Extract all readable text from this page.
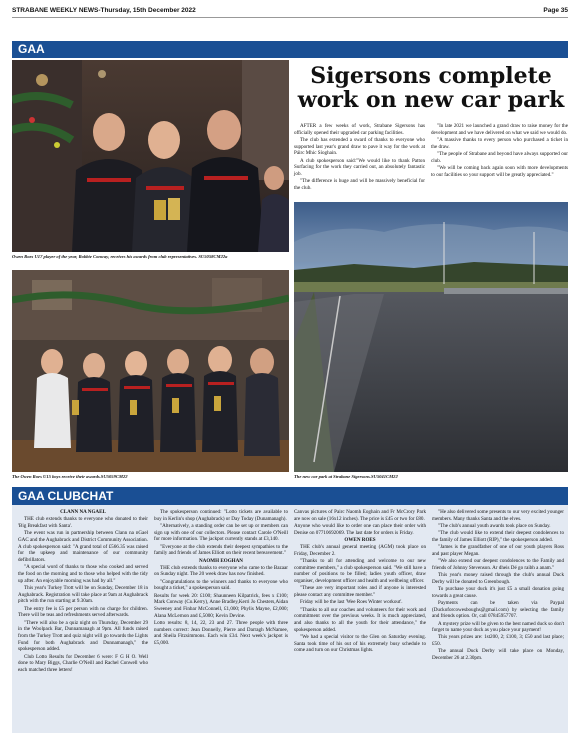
STRABANE WEEKLY NEWS-Thursday, 15th December 2022	Page 35
GAA
Owen Roes U17 player of the year, Robbie Conway, receives his awards from club representatives. SU5058CM22a
Sigersons complete
work on new car park

AFTER a few weeks of work, Strabane Sigersons has officially opened their upgraded car parking facilities.

The club has extended a sward of thanks to everyone who supported last year's grand draw to pave it way for the work at Páirc Mhic Síoghain.

A club spokesperson said:"We would like to thank Patton Surfacing for the work they carried out, an absolutely fantastic job.

"The difference is huge and will be massively beneficial for the club.

"In late 2021 we launched a grand draw to raise money for the development and we have delivered on what we said we would do.

"A massive thanks to every person who purchased a ticket in the draw.

"The people of Strabane and beyond have always supported our club.

"We will be coming back again soon with more developments to our facilities so your support will be greatly appreciated."

The Owen Roes U15 boys receive their awards.SU5059CM22	The new car park at Strabane Sigersons.SU5041CM22
GAA CLUBCHAT

CLANN NA NGAEL

THE club extends thanks to everyone who donated to their 'Big Breakfast with Santa'.

The event was run in partnership between Clann na nGael GAC and the Aughabrack and District Community Association. A club spokesperson said: "A grand total of £566.35 was raised for the upkeep and maintenance of our community defibrillators.

"A special word of thanks to those who cooked and served the food on the morning and to those who helped with the tidy up after. An enjoyable morning was had by all."

This year's Turkey Trott will be on Sunday, December 18 in Aughabrack. Registration will take place at 9am at Aughabrack pitch with the run starting at 9.30am.

The entry fee is £5 per person with no charge for children. There will be teas and refreshments served afterwards.

"There will also be a quiz night on Thursday, December 29 in the Woolpack Bar, Dunnamanagh at 9pm. All funds raised from the Turkey Trott and quiz night will go towards the Lights Fund for both Aughabrack and Dunnamanagh," the spokesperson added.

Club Lotto Results for December 6 were: F G H O. Well done to Mary Biggs, Charlie O'Neill and Rachel Conwell who each matched three letters!

The spokesperson continued: "Lotto tickets are available to buy in Kerlin's shop (Aughabrack) or Day Today (Dunamanagh).

"Alternatively, a standing order can be set up or members can sign up with one of our collectors. Please contact Carole O'Neill for more information. The jackpot currently stands at £3,140.

"Everyone at the club extends their deepest sympathies to the family and friends of James Elliott on their recent bereavement."

NAOMH EOGHAN

THE club extends thanks to everyone who came to the Bazaar on Sunday night. The 20 week draw has now finished.

"Congratulations to the winners and thanks to everyone who bought a ticket," a spokesperson said.

Results for week 20: £100; Shaunneen Kilpatrick, fees x £100; Mark Conway (Co.Kerry), Anne Bradley,Kerri Jo Chesters,Aidan Sweeney and Finbar McConnell, £1,000; Phylis Mayne, £2,000; Alana McLernon and £,5000; Kevin Devine.

Lotto results: 8, 14, 22, 23 and 27. Three people with three numbers correct: Jean Donnelly, Pierre and Darragh McNamee, and Sheila Fitzsimmons. Each win £34. Next week's jackpot is £5,000.

Canvas pictures of Pairc Naomh Eoghain and Fr McCrory Park are now on sale (16x12 inches). The price is £45 or two for £80.

Anyone who would like to order one can place their order with Denise on 07710692069. The last date for orders is Friday.

OWEN ROES

THE club's annual general meeting (AGM) took place on Friday, December 2.

"Thanks to all for attending and welcome to our new committee members," a club spokesperson said. "We still have a number of positions to be filled; ladies youth officer, draw organiser, development officer and health and wellbeing officer.

"These are very important roles and if anyone is interested please contact any committee member."

Friday will be the last 'Wee Roes Winter workout'.

"Thanks to all our coaches and volunteers for their work and commitment over the previous weeks. It is much appreciated, and also thanks to all the youth for their attendance," the spokesperson added.

"We had a special visitor to the Glen on Saturday evening. Santa took time of his out of his extremely busy schedule to come and turn on our Christmas lights.

"He also delivered some presents to our very excited younger members. Many thanks Santa and the elves.

"The club's annual youth awards took place on Sunday.

"The club would like to extend their deepest condolences to the family of James Elliott (RIP)," the spokesperson added.

"James is the grandfather of one of our youth players Ross and past player Megan.

"We also extend our deepest condolences to the Family and friends of Johnny Stevenson. Ar dheis Dé go raibh a anam."

This year's money raised through the club's annual Duck Derby will be donated to Greenbough.

To purchase your duck it's just £5 a small donation going towards a great cause.

Payments can be taken via Paypal (Duckoforcowesboughs@gmail.com) by selecting the family and friends option. Or, call 07845957707.

A mystery prize will be given to the best named duck so don't forget to name your duck as you place your payment!

This years prizes are: 1st200, 2; £100, 3; £50 and last place; £50.

The annual Duck Derby will take place on Monday, December 26 at 2.30pm.
